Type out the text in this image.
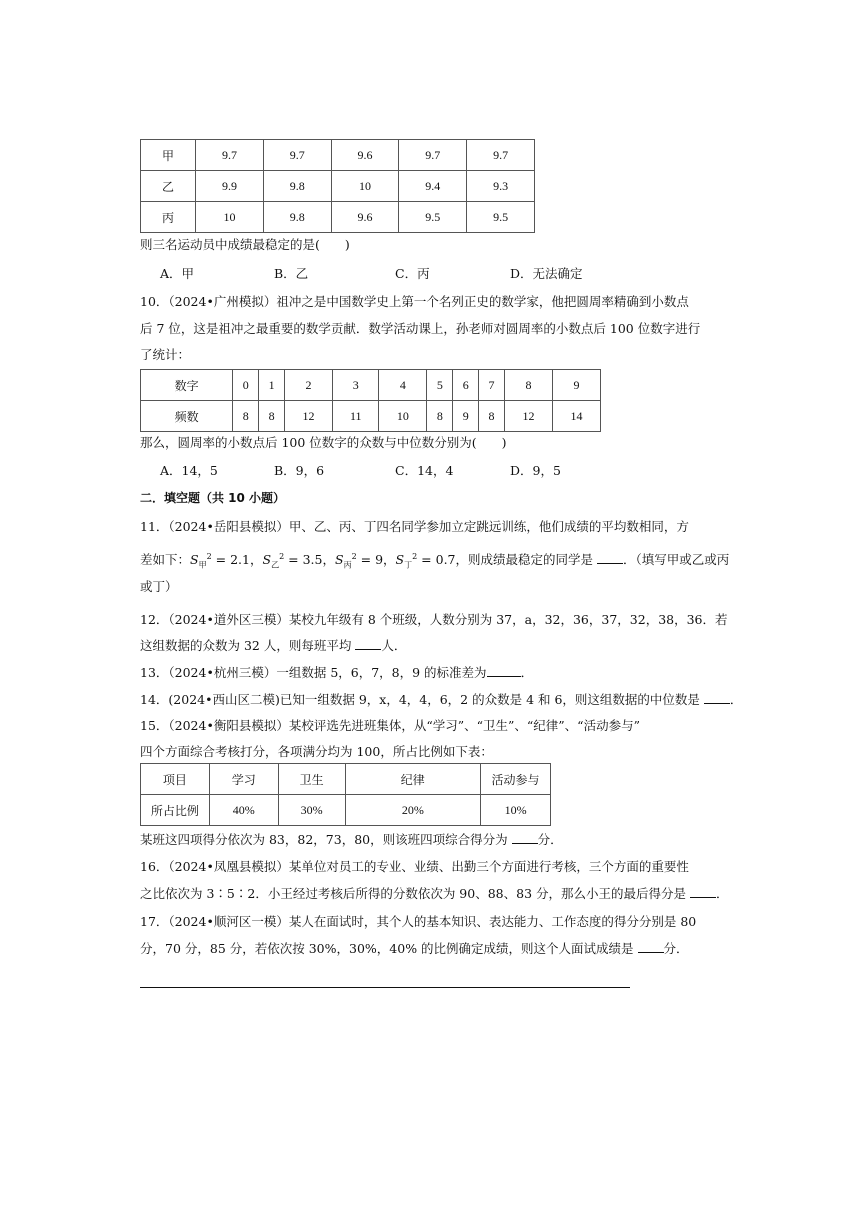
甲	9.7	9.7	9.6	9.7	9.7
乙	9.9	9.8	10	9.4	9.3
丙	10	9.8	9.6	9.5	9.5
则三名运动员中成绩最稳定的是(　　)
A．甲	B．乙	C．丙	D．无法确定
10．（2024•广州模拟）祖冲之是中国数学史上第一个名列正史的数学家，他把圆周率精确到小数点
后 7 位，这是祖冲之最重要的数学贡献．数学活动课上，孙老师对圆周率的小数点后 100 位数字进行
了统计：
数字	0	1	2	3	4	5	6	7	8	9
频数	8	8	12	11	10	8	9	8	12	14
那么，圆周率的小数点后 100 位数字的众数与中位数分别为(　　)
A．14，5	B．9，6	C．14，4	D．9，5
二．填空题（共 10 小题）
11．（2024•岳阳县模拟）甲、乙、丙、丁四名同学参加立定跳远训练，他们成绩的平均数相同，方
差如下：$S_甲^2 = 2.1$，$S_乙^2 = 3.5$，$S_丙^2 = 9$，$S_丁^2 = 0.7$，则成绩最稳定的同学是 ．（填写甲或乙或丙
或丁）
12．（2024•道外区三模）某校九年级有 8 个班级，人数分别为 37，a，32，36，37，32，38，36．若
这组数据的众数为 32 人，则每班平均 人．
13．（2024•杭州三模）一组数据 5，6，7，8，9 的标准差为	．
14．(2024•西山区二模)已知一组数据 9，x，4，4，6，2 的众数是 4 和 6，则这组数据的中位数是 ．
15．（2024•衡阳县模拟）某校评选先进班集体，从“学习”、“卫生”、“纪律”、“活动参与”
四个方面综合考核打分，各项满分均为 100，所占比例如下表：
项目	学习	卫生	纪律	活动参与
所占比例	40%	30%	20%	10%
某班这四项得分依次为 83，82，73，80，则该班四项综合得分为 分．
16．（2024•凤凰县模拟）某单位对员工的专业、业绩、出勤三个方面进行考核，三个方面的重要性
之比依次为 3∶5∶2．小王经过考核后所得的分数依次为 90、88、83 分，那么小王的最后得分是 ．
17．（2024•顺河区一模）某人在面试时，其个人的基本知识、表达能力、工作态度的得分分别是 80
分，70 分，85 分，若依次按 30%，30%，40% 的比例确定成绩，则这个人面试成绩是 分．
